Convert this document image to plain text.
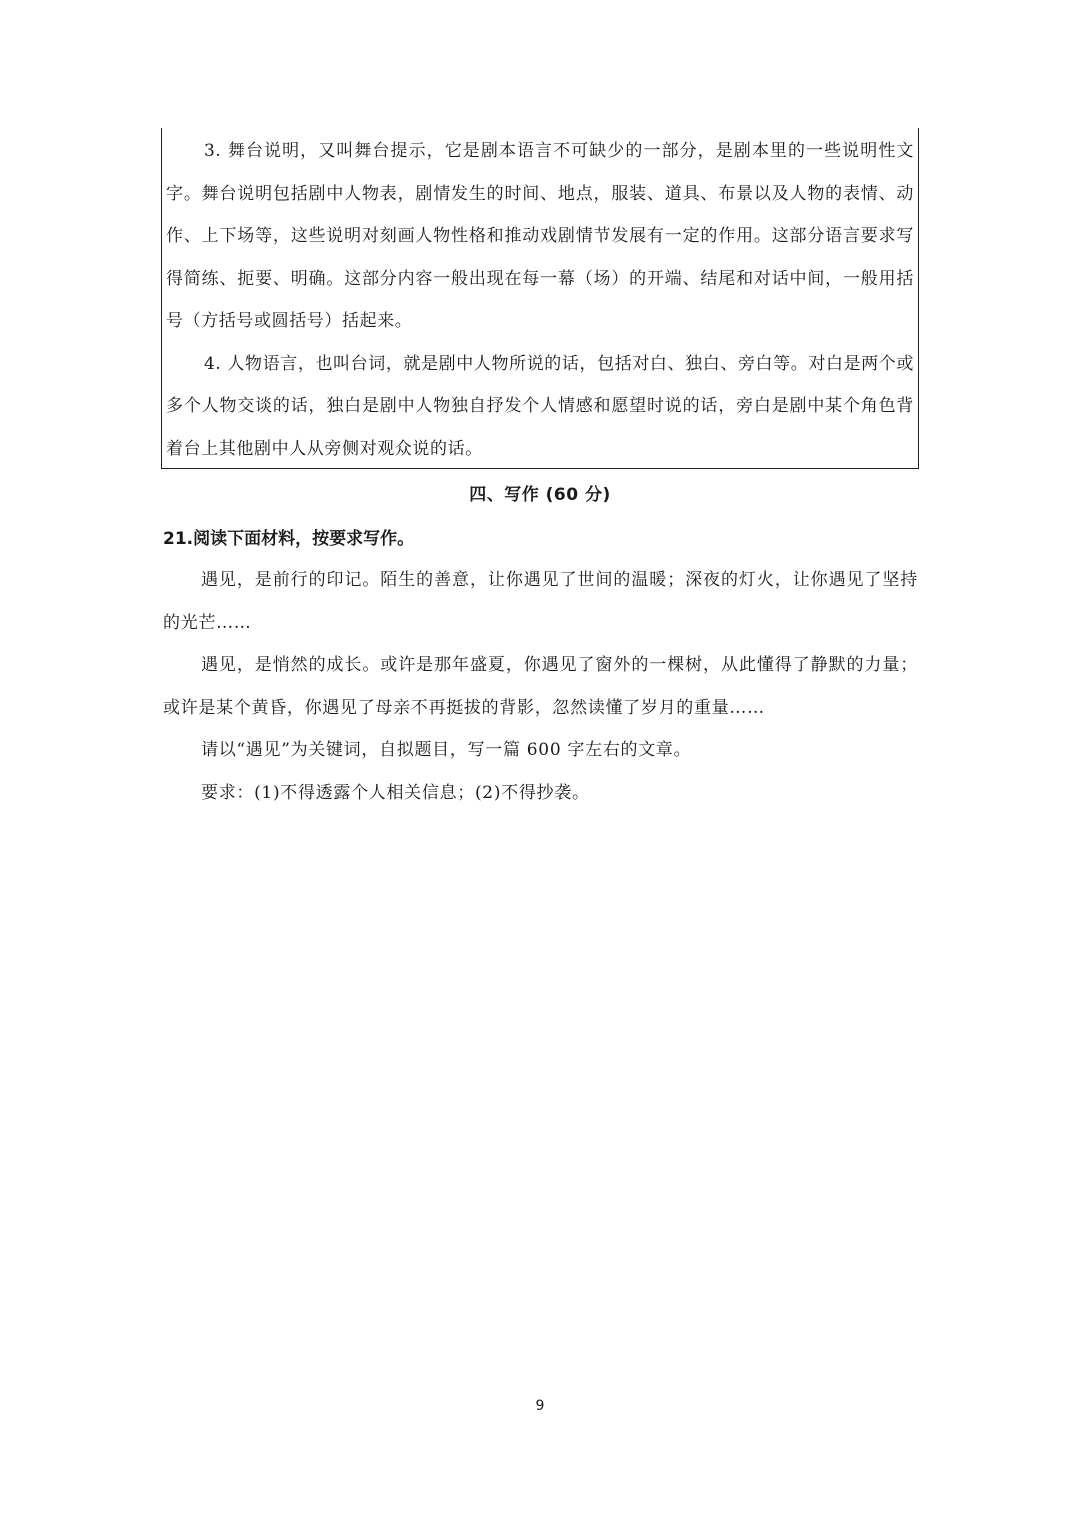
3. 舞台说明，又叫舞台提示，它是剧本语言不可缺少的一部分，是剧本里的一些说明性文字。舞台说明包括剧中人物表，剧情发生的时间、地点，服装、道具、布景以及人物的表情、动作、上下场等，这些说明对刻画人物性格和推动戏剧情节发展有一定的作用。这部分语言要求写得简练、扼要、明确。这部分内容一般出现在每一幕（场）的开端、结尾和对话中间，一般用括号（方括号或圆括号）括起来。

4. 人物语言，也叫台词，就是剧中人物所说的话，包括对白、独白、旁白等。对白是两个或多个人物交谈的话，独白是剧中人物独自抒发个人情感和愿望时说的话，旁白是剧中某个角色背着台上其他剧中人从旁侧对观众说的话。

四、写作 (60 分)
21.阅读下面材料，按要求写作。

遇见，是前行的印记。陌生的善意，让你遇见了世间的温暖；深夜的灯火，让你遇见了坚持的光芒……

遇见，是悄然的成长。或许是那年盛夏，你遇见了窗外的一棵树，从此懂得了静默的力量；或许是某个黄昏，你遇见了母亲不再挺拔的背影，忽然读懂了岁月的重量……

请以“遇见”为关键词，自拟题目，写一篇 600 字左右的文章。

要求：(1)不得透露个人相关信息；(2)不得抄袭。

9
